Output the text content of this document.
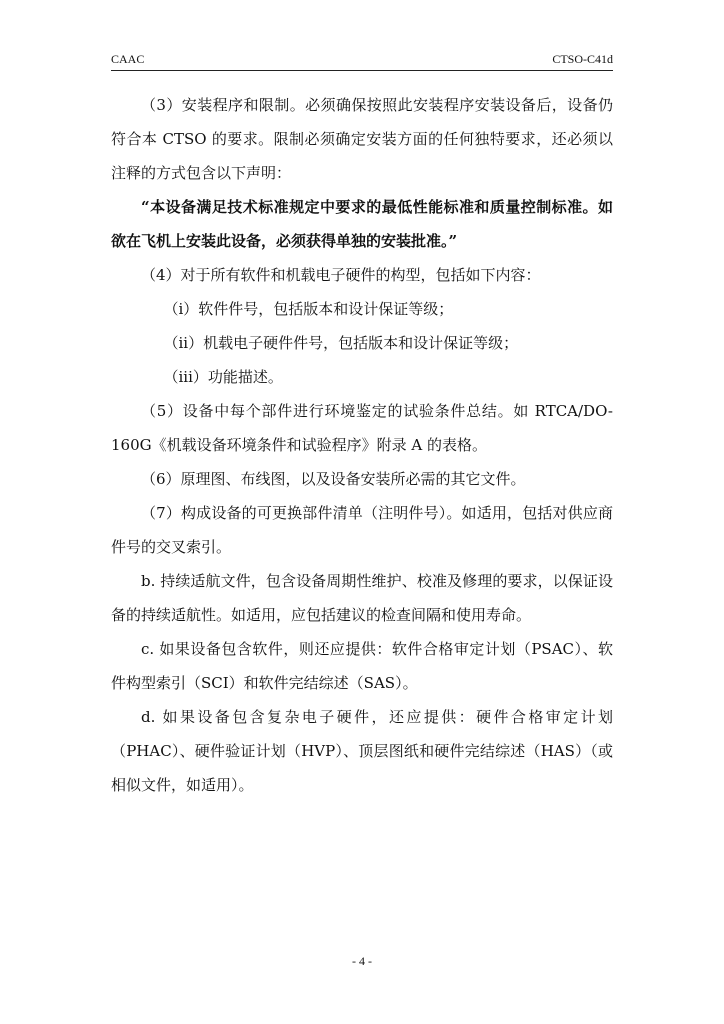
CAAC	CTSO-C41d

（3）安装程序和限制。必须确保按照此安装程序安装设备后，设备仍符合本 CTSO 的要求。限制必须确定安装方面的任何独特要求，还必须以注释的方式包含以下声明：

“本设备满足技术标准规定中要求的最低性能标准和质量控制标准。如欲在飞机上安装此设备，必须获得单独的安装批准。”

（4）对于所有软件和机载电子硬件的构型，包括如下内容：

（i）软件件号，包括版本和设计保证等级；

（ii）机载电子硬件件号，包括版本和设计保证等级；

（iii）功能描述。

（5）设备中每个部件进行环境鉴定的试验条件总结。如 RTCA/DO-160G《机载设备环境条件和试验程序》附录 A 的表格。

（6）原理图、布线图，以及设备安装所必需的其它文件。

（7）构成设备的可更换部件清单（注明件号）。如适用，包括对供应商件号的交叉索引。

b. 持续适航文件，包含设备周期性维护、校准及修理的要求，以保证设备的持续适航性。如适用，应包括建议的检查间隔和使用寿命。

c. 如果设备包含软件，则还应提供：软件合格审定计划（PSAC）、软件构型索引（SCI）和软件完结综述（SAS）。

d. 如果设备包含复杂电子硬件，还应提供：硬件合格审定计划（PHAC）、硬件验证计划（HVP）、顶层图纸和硬件完结综述（HAS）（或相似文件，如适用）。

- 4 -
